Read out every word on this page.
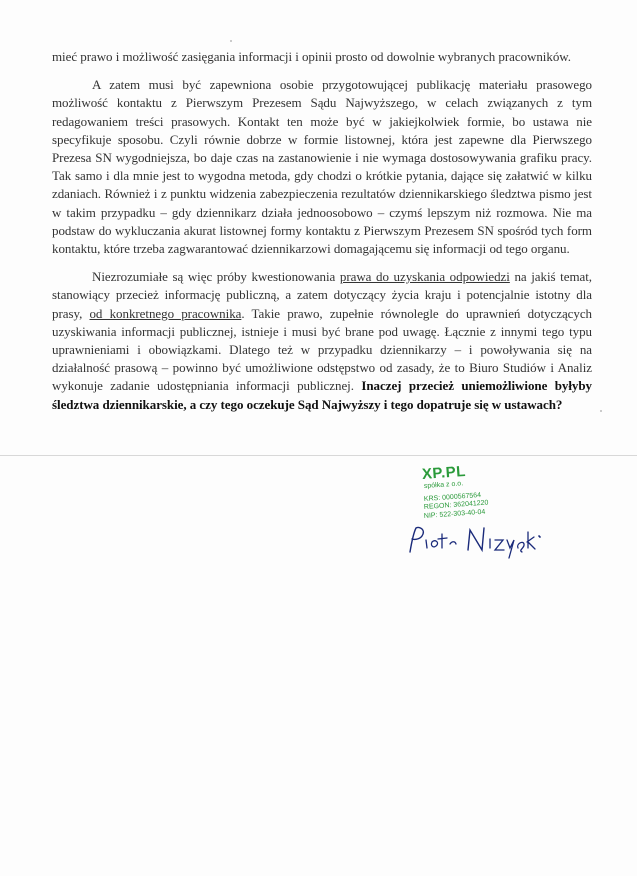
mieć prawo i możliwość zasięgania informacji i opinii prosto od dowolnie wybranych pracowników.

A zatem musi być zapewniona osobie przygotowującej publikację materiału prasowego możliwość kontaktu z Pierwszym Prezesem Sądu Najwyższego, w celach związanych z tym redagowaniem treści prasowych. Kontakt ten może być w jakiejkolwiek formie, bo ustawa nie specyfikuje sposobu. Czyli równie dobrze w formie listownej, która jest zapewne dla Pierwszego Prezesa SN wygodniejsza, bo daje czas na zastanowienie i nie wymaga dostosowywania grafiku pracy. Tak samo i dla mnie jest to wygodna metoda, gdy chodzi o krótkie pytania, dające się załatwić w kilku zdaniach. Również i z punktu widzenia zabezpieczenia rezultatów dziennikarskiego śledztwa pismo jest w takim przypadku – gdy dziennikarz działa jednoosobowo – czymś lepszym niż rozmowa. Nie ma podstaw do wykluczania akurat listownej formy kontaktu z Pierwszym Prezesem SN spośród tych form kontaktu, które trzeba zagwarantować dziennikarzowi domagającemu się informacji od tego organu.

Niezrozumiałe są więc próby kwestionowania prawa do uzyskania odpowiedzi na jakiś temat, stanowiący przecież informację publiczną, a zatem dotyczący życia kraju i potencjalnie istotny dla prasy, od konkretnego pracownika. Takie prawo, zupełnie równolegle do uprawnień dotyczących uzyskiwania informacji publicznej, istnieje i musi być brane pod uwagę. Łącznie z innymi tego typu uprawnieniami i obowiązkami. Dlatego też w przypadku dziennikarzy – i powoływania się na działalność prasową – powinno być umożliwione odstępstwo od zasady, że to Biuro Studiów i Analiz wykonuje zadanie udostępniania informacji publicznej. Inaczej przecież uniemożliwione byłyby śledztwa dziennikarskie, a czy tego oczekuje Sąd Najwyższy i tego dopatruje się w ustawach?

XP.PL
spółka z o.o.
KRS: 0000567564
REGON: 362041220
NIP: 522-303-40-04
